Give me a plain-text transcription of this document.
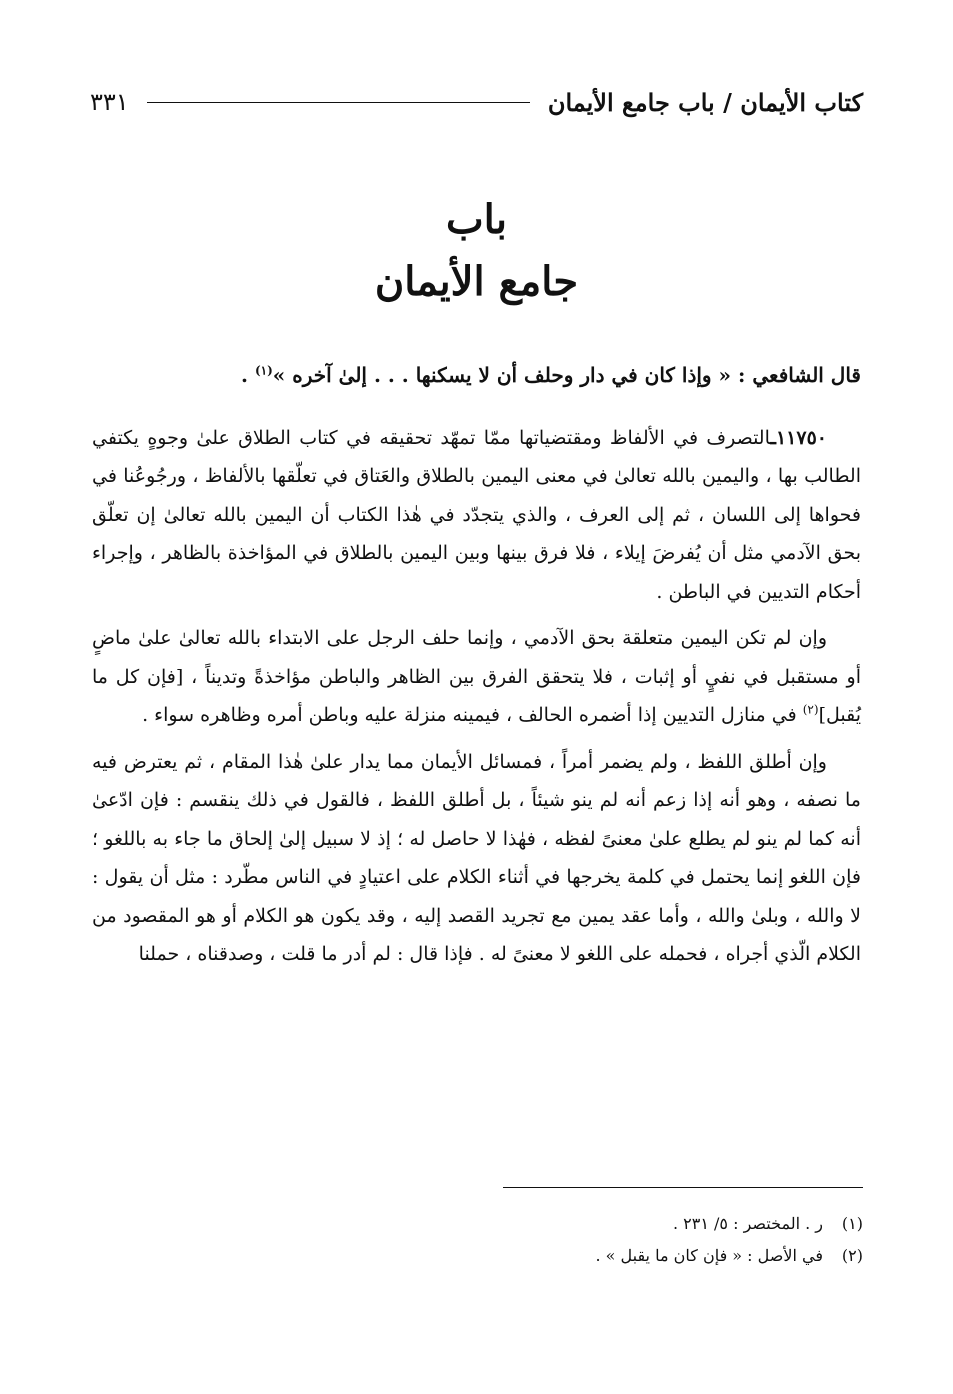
كتاب الأيمان / باب جامع الأيمان
٣٣١
باب
جامع الأيمان

قال الشافعي : « وإذا كان في دار وحلف أن لا يسكنها . . . إلىٰ آخره »$^{(١)}$ .

١١٧٥٠ـالتصرف في الألفاظ ومقتضياتها ممّا تمهّد تحقيقه في كتاب الطلاق علىٰ وجوهٍ يكتفي الطالب بها ، واليمين بالله تعالىٰ في معنى اليمين بالطلاق والعَتاق في تعلّقها بالألفاظ ، ورجُوعُنا في فحواها إلى اللسان ، ثم إلى العرف ، والذي يتجدّد في هٰذا الكتاب أن اليمين بالله تعالىٰ إن تعلّق بحق الآدمي مثل أن يُفرضَ إيلاء ، فلا فرق بينها وبين اليمين بالطلاق في المؤاخذة بالظاهر ، وإجراء أحكام التديين في الباطن .

وإن لم تكن اليمين متعلقة بحق الآدمي ، وإنما حلف الرجل على الابتداء بالله تعالىٰ علىٰ ماضٍ أو مستقبل في نفيٍ أو إثبات ، فلا يتحقق الفرق بين الظاهر والباطن مؤاخذةً وتديناً ، [فإن كل ما يُقبل]$^{(٢)}$ في منازل التديين إذا أضمره الحالف ، فيمينه منزلة عليه وباطن أمره وظاهره سواء .

وإن أطلق اللفظ ، ولم يضمر أمراً ، فمسائل الأيمان مما يدار علىٰ هٰذا المقام ، ثم يعترض فيه ما نصفه ، وهو أنه إذا زعم أنه لم ينو شيئاً ، بل أطلق اللفظ ، فالقول في ذلك ينقسم : فإن ادّعىٰ أنه كما لم ينو لم يطلع علىٰ معنىً لفظه ، فهٰذا لا حاصل له ؛ إذ لا سبيل إلىٰ إلحاق ما جاء به باللغو ؛ فإن اللغو إنما يحتمل في كلمة يخرجها في أثناء الكلام على اعتيادٍ في الناس مطّرد : مثل أن يقول : لا والله ، وبلىٰ والله ، وأما عقد يمين مع تجريد القصد إليه ، وقد يكون هو الكلام أو هو المقصود من الكلام الّذي أجراه ، فحمله على اللغو لا معنىً له . فإذا قال : لم أدر ما قلت ، وصدقناه ، حملنا

(١)
ر . المختصر : ٥/ ٢٣١ .
(٢)
في الأصل : « فإن كان ما يقبل » .
